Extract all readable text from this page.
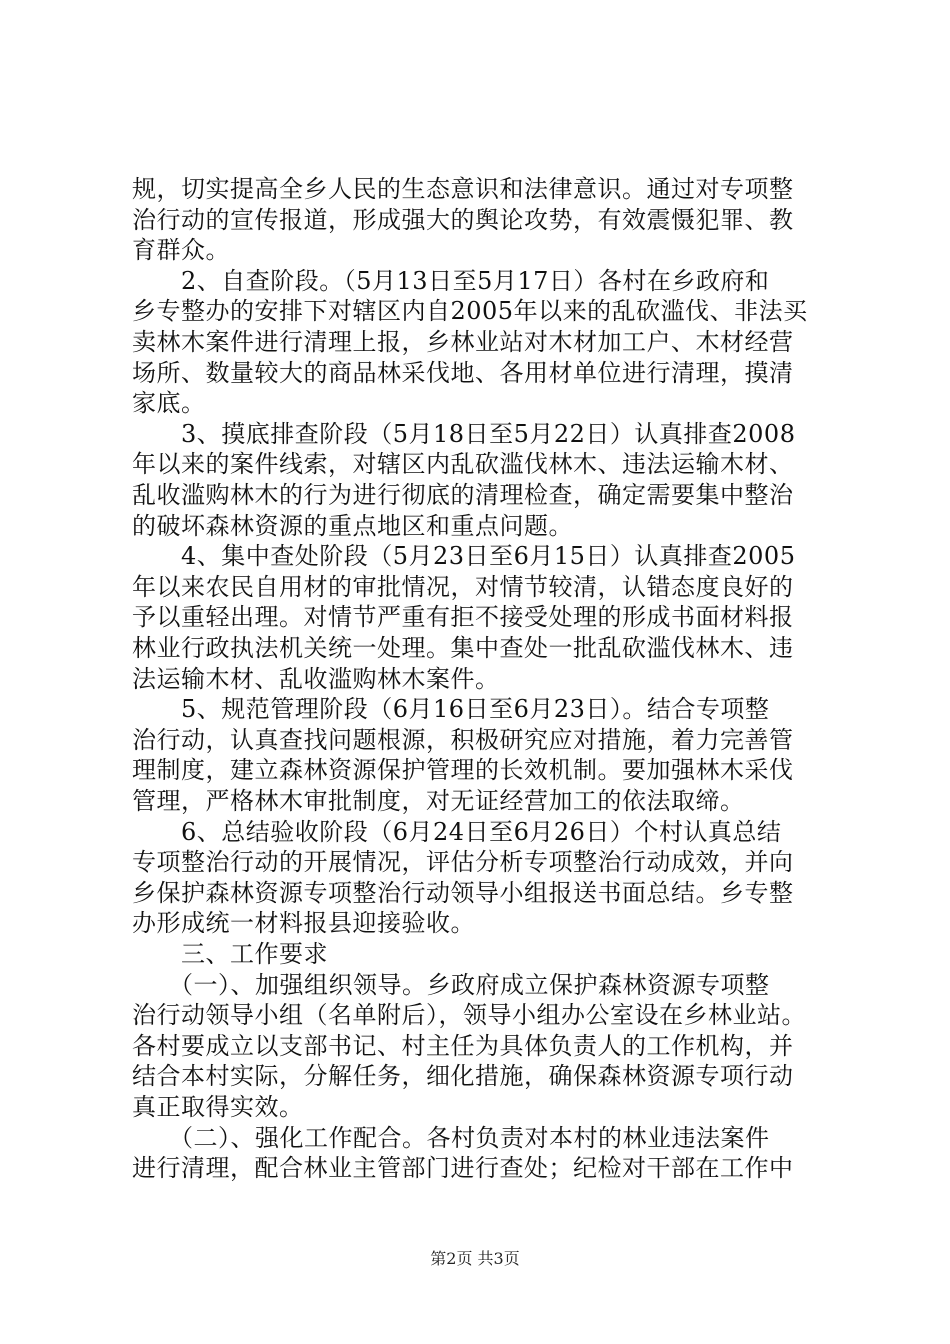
规，切实提高全乡人民的生态意识和法律意识。通过对专项整
治行动的宣传报道，形成强大的舆论攻势，有效震慑犯罪、教
育群众。
　　2、自查阶段。（5月13日至5月17日）各村在乡政府和
乡专整办的安排下对辖区内自2005年以来的乱砍滥伐、非法买
卖林木案件进行清理上报，乡林业站对木材加工户、木材经营
场所、数量较大的商品林采伐地、各用材单位进行清理，摸清
家底。
　　3、摸底排查阶段（5月18日至5月22日）认真排查2008
年以来的案件线索，对辖区内乱砍滥伐林木、违法运输木材、
乱收滥购林木的行为进行彻底的清理检查，确定需要集中整治
的破坏森林资源的重点地区和重点问题。
　　4、集中查处阶段（5月23日至6月15日）认真排查2005
年以来农民自用材的审批情况，对情节较清，认错态度良好的
予以重轻出理。对情节严重有拒不接受处理的形成书面材料报
林业行政执法机关统一处理。集中查处一批乱砍滥伐林木、违
法运输木材、乱收滥购林木案件。
　　5、规范管理阶段（6月16日至6月23日）。结合专项整
治行动，认真查找问题根源，积极研究应对措施，着力完善管
理制度，建立森林资源保护管理的长效机制。要加强林木采伐
管理，严格林木审批制度，对无证经营加工的依法取缔。
　　6、总结验收阶段（6月24日至6月26日）个村认真总结
专项整治行动的开展情况，评估分析专项整治行动成效，并向
乡保护森林资源专项整治行动领导小组报送书面总结。乡专整
办形成统一材料报县迎接验收。
　　三、工作要求
　　（一）、加强组织领导。乡政府成立保护森林资源专项整
治行动领导小组（名单附后），领导小组办公室设在乡林业站。
各村要成立以支部书记、村主任为具体负责人的工作机构，并
结合本村实际，分解任务，细化措施，确保森林资源专项行动
真正取得实效。
　　（二）、强化工作配合。各村负责对本村的林业违法案件
进行清理，配合林业主管部门进行查处；纪检对干部在工作中
第2页 共3页
